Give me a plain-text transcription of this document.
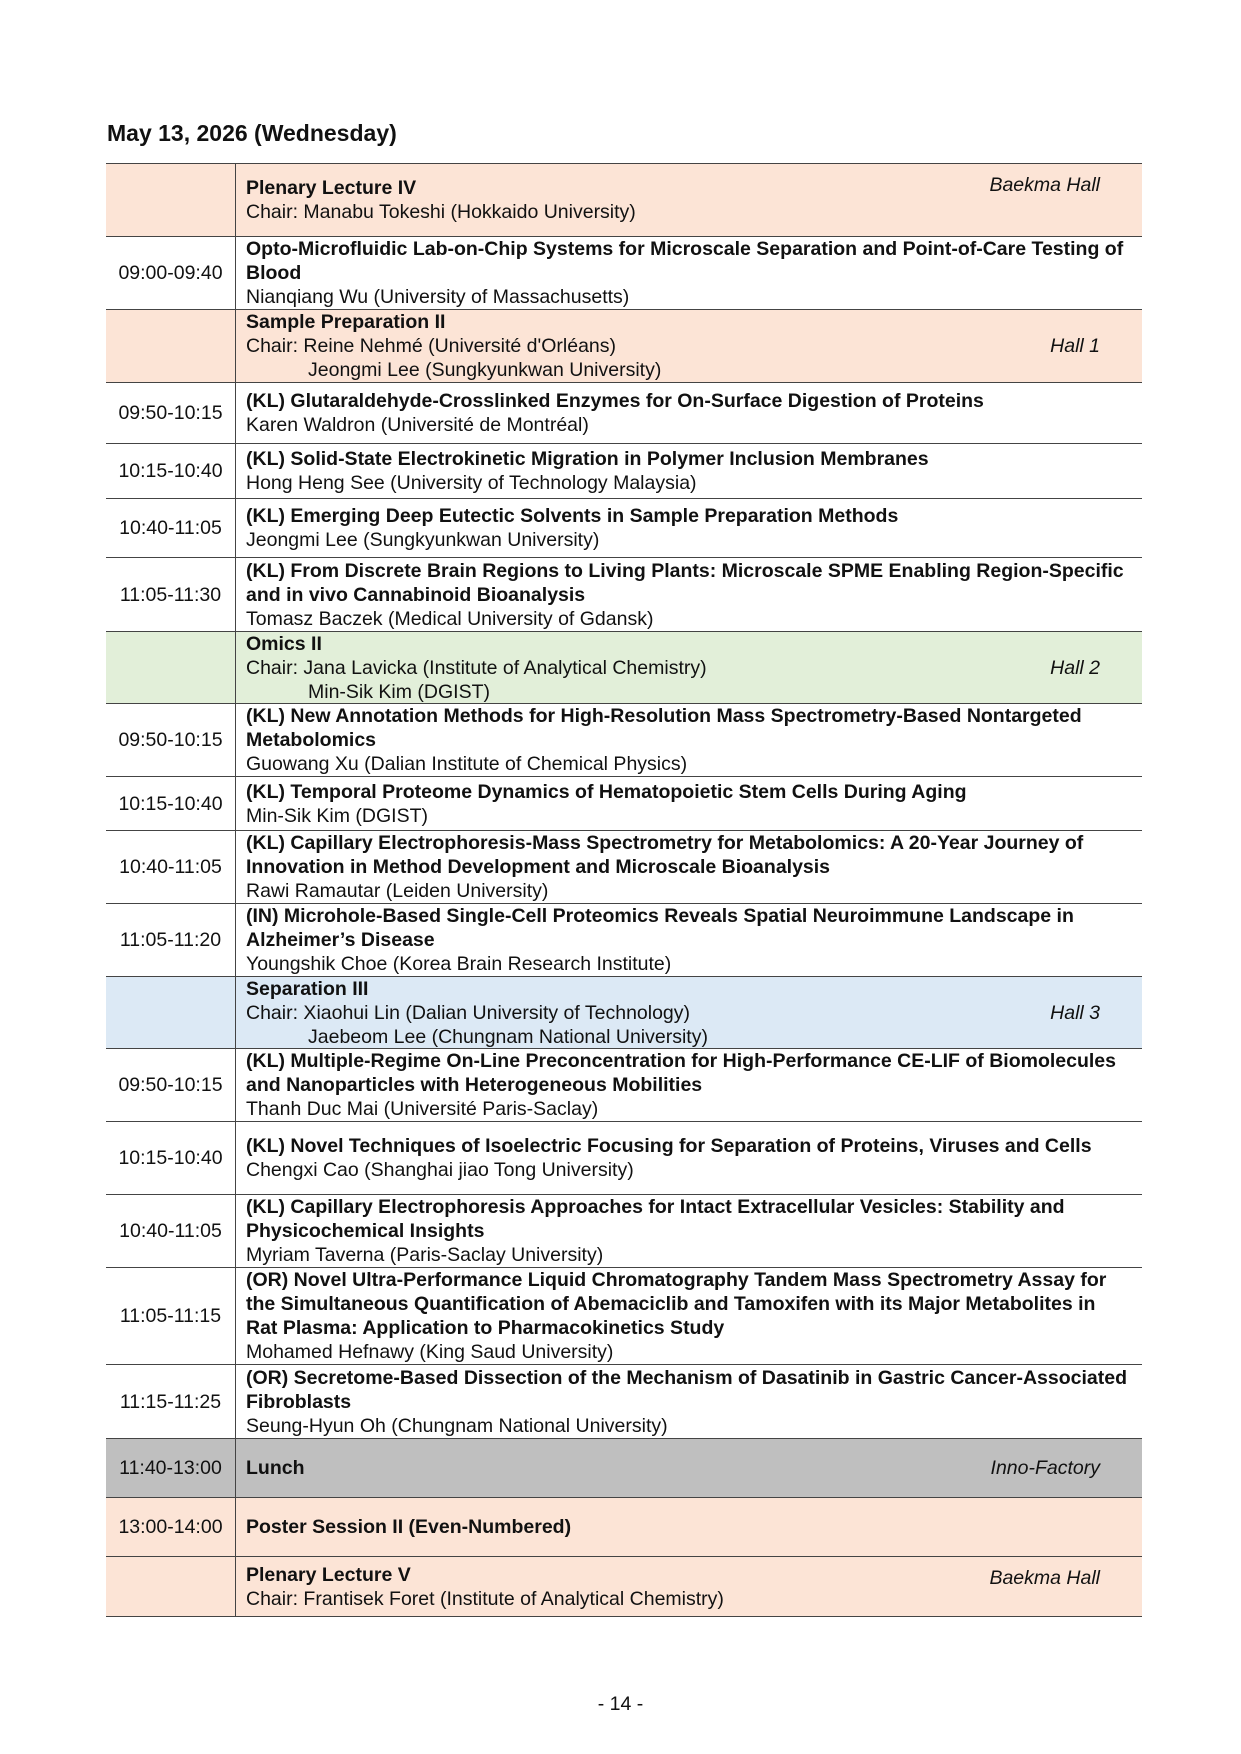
May 13, 2026 (Wednesday)

	Plenary Lecture IV
Chair: Manabu Tokeshi (Hokkaido University)
Baekma Hall

09:00-09:40	Opto-Microfluidic Lab-on-Chip Systems for Microscale Separation and Point-of-Care Testing of Blood
Nianqiang Wu (University of Massachusetts)

	Sample Preparation II
Chair: Reine Nehmé (Université d'Orléans)
Jeongmi Lee (Sungkyunkwan University)
Hall 1

09:50-10:15	(KL) Glutaraldehyde-Crosslinked Enzymes for On-Surface Digestion of Proteins
Karen Waldron (Université de Montréal)

10:15-10:40	(KL) Solid-State Electrokinetic Migration in Polymer Inclusion Membranes
Hong Heng See (University of Technology Malaysia)

10:40-11:05	(KL) Emerging Deep Eutectic Solvents in Sample Preparation Methods
Jeongmi Lee (Sungkyunkwan University)

11:05-11:30	(KL) From Discrete Brain Regions to Living Plants: Microscale SPME Enabling Region-Specific and in vivo Cannabinoid Bioanalysis
Tomasz Baczek (Medical University of Gdansk)

	Omics II
Chair: Jana Lavicka (Institute of Analytical Chemistry)
Min-Sik Kim (DGIST)
Hall 2

09:50-10:15	(KL) New Annotation Methods for High-Resolution Mass Spectrometry-Based Nontargeted Metabolomics
Guowang Xu (Dalian Institute of Chemical Physics)

10:15-10:40	(KL) Temporal Proteome Dynamics of Hematopoietic Stem Cells During Aging
Min-Sik Kim (DGIST)

10:40-11:05	(KL) Capillary Electrophoresis-Mass Spectrometry for Metabolomics: A 20-Year Journey of Innovation in Method Development and Microscale Bioanalysis
Rawi Ramautar (Leiden University)

11:05-11:20	(IN) Microhole-Based Single-Cell Proteomics Reveals Spatial Neuroimmune Landscape in Alzheimer’s Disease
Youngshik Choe (Korea Brain Research Institute)

	Separation III
Chair: Xiaohui Lin (Dalian University of Technology)
Jaebeom Lee (Chungnam National University)
Hall 3

09:50-10:15	(KL) Multiple-Regime On-Line Preconcentration for High-Performance CE-LIF of Biomolecules and Nanoparticles with Heterogeneous Mobilities
Thanh Duc Mai (Université Paris-Saclay)

10:15-10:40	(KL) Novel Techniques of Isoelectric Focusing for Separation of Proteins, Viruses and Cells
Chengxi Cao (Shanghai jiao Tong University)

10:40-11:05	(KL) Capillary Electrophoresis Approaches for Intact Extracellular Vesicles: Stability and Physicochemical Insights
Myriam Taverna (Paris-Saclay University)

11:05-11:15	(OR) Novel Ultra-Performance Liquid Chromatography Tandem Mass Spectrometry Assay for the Simultaneous Quantification of Abemaciclib and Tamoxifen with its Major Metabolites in Rat Plasma: Application to Pharmacokinetics Study
Mohamed Hefnawy (King Saud University)

11:15-11:25	(OR) Secretome-Based Dissection of the Mechanism of Dasatinib in Gastric Cancer-Associated Fibroblasts
Seung-Hyun Oh (Chungnam National University)

11:40-13:00	Lunch Inno-Factory

13:00-14:00	Poster Session II (Even-Numbered)

	Plenary Lecture V
Chair: Frantisek Foret (Institute of Analytical Chemistry)
Baekma Hall
- 14 -
